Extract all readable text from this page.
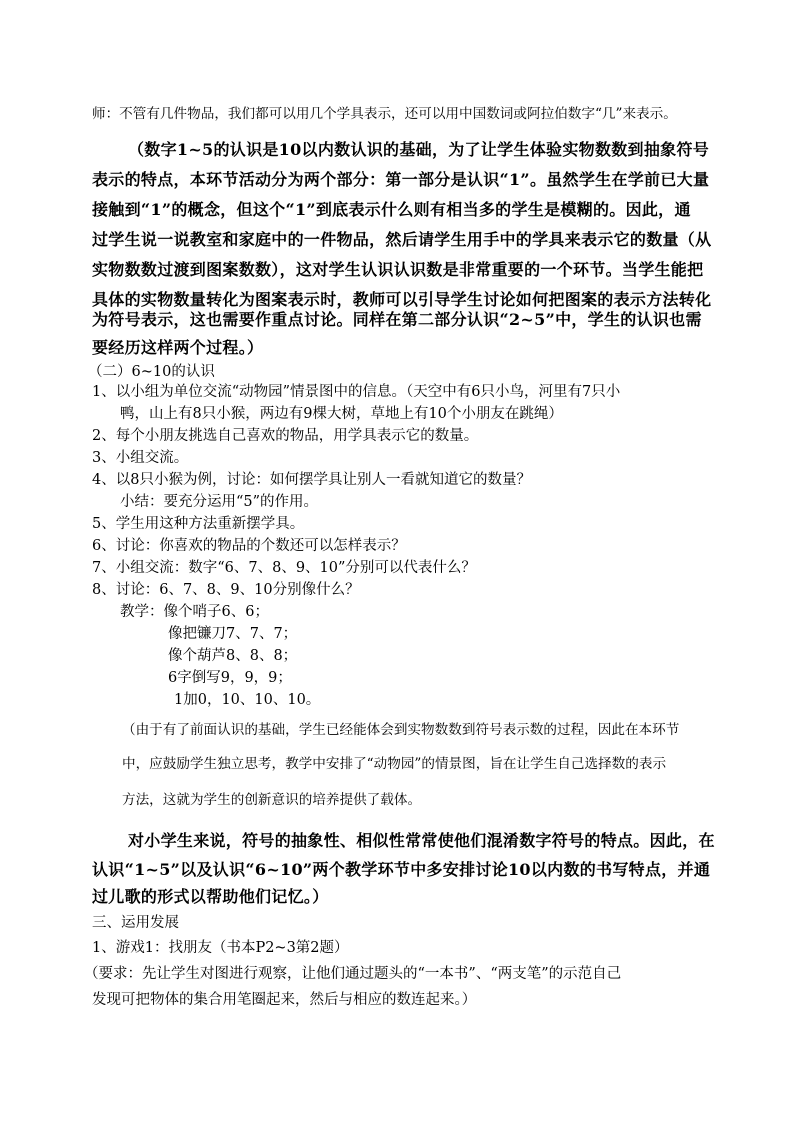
师：不管有几件物品，我们都可以用几个学具表示，还可以用中国数词或阿拉伯数字“几”来表示。

（数字1~5的认识是10以内数认识的基础，为了让学生体验实物数数到抽象符号

表示的特点，本环节活动分为两个部分：第一部分是认识“1”。虽然学生在学前已大量

接触到“1”的概念，但这个“1”到底表示什么则有相当多的学生是模糊的。因此，通

过学生说一说教室和家庭中的一件物品，然后请学生用手中的学具来表示它的数量（从

实物数数过渡到图案数数），这对学生认识认识数是非常重要的一个环节。当学生能把

具体的实物数量转化为图案表示时，教师可以引导学生讨论如何把图案的表示方法转化

为符号表示，这也需要作重点讨论。同样在第二部分认识“2~5”中，学生的认识也需

要经历这样两个过程。）

（二）6~10的认识

1、以小组为单位交流“动物园”情景图中的信息。（天空中有6只小鸟，河里有7只小

鸭，山上有8只小猴，两边有9棵大树，草地上有10个小朋友在跳绳）

2、每个小朋友挑选自己喜欢的物品，用学具表示它的数量。

3、小组交流。

4、以8只小猴为例，讨论：如何摆学具让别人一看就知道它的数量？

小结：要充分运用“5”的作用。

5、学生用这种方法重新摆学具。

6、讨论：你喜欢的物品的个数还可以怎样表示？

7、小组交流：数字“6、7、8、9、10”分别可以代表什么？

8、讨论：6、7、8、9、10分别像什么？

教学：像个哨子6、6；

像把镰刀7、7、7；

像个葫芦8、8、8；

6字倒写9，9，9；

1加0，10、10、10。

（由于有了前面认识的基础，学生已经能体会到实物数数到符号表示数的过程，因此在本环节

中，应鼓励学生独立思考，教学中安排了“动物园”的情景图，旨在让学生自己选择数的表示

方法，这就为学生的创新意识的培养提供了载体。

对小学生来说，符号的抽象性、相似性常常使他们混淆数字符号的特点。因此，在

认识“1~5”以及认识“6~10”两个教学环节中多安排讨论10以内数的书写特点，并通

过儿歌的形式以帮助他们记忆。）

三、运用发展

1、游戏1：找朋友（书本P2~3第2题）

（要求：先让学生对图进行观察，让他们通过题头的“一本书”、“两支笔”的示范自己

发现可把物体的集合用笔圈起来，然后与相应的数连起来。）
